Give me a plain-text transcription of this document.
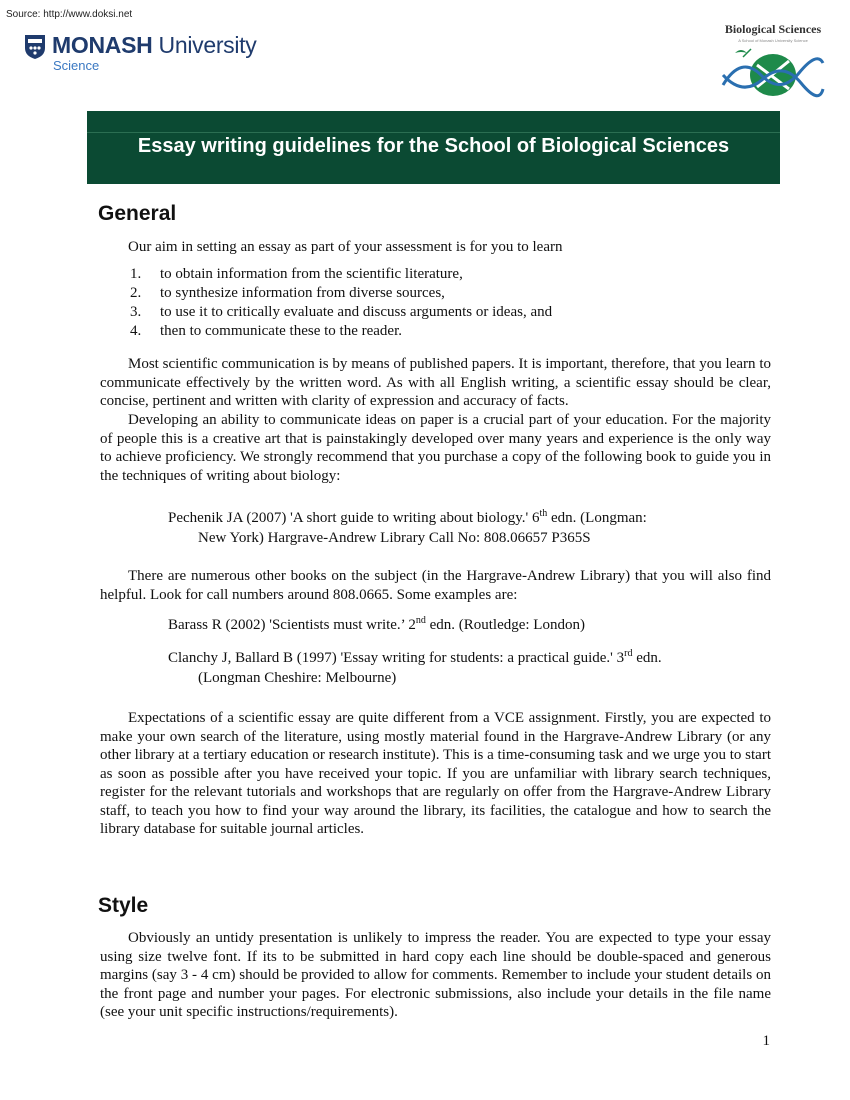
Source: http://www.doksi.net
MONASH University
Science
Biological Sciences
A School of Monash University Science
Essay writing guidelines for the School of Biological Sciences
General
Our aim in setting an essay as part of your assessment is for you to learn
1.	to obtain information from the scientific literature,
2.	to synthesize information from diverse sources,
3.	to use it to critically evaluate and discuss arguments or ideas, and
4.	then to communicate these to the reader.
Most scientific communication is by means of published papers. It is important, therefore, that you learn to communicate effectively by the written word. As with all English writing, a scientific essay should be clear, concise, pertinent and written with clarity of expression and accuracy of facts.
Developing an ability to communicate ideas on paper is a crucial part of your education. For the majority of people this is a creative art that is painstakingly developed over many years and experience is the only way to achieve proficiency. We strongly recommend that you purchase a copy of the following book to guide you in the techniques of writing about biology:
Pechenik JA (2007) 'A short guide to writing about biology.' 6th edn. (Longman:
New York) Hargrave-Andrew Library Call No: 808.06657 P365S
There are numerous other books on the subject (in the Hargrave-Andrew Library) that you will also find helpful. Look for call numbers around 808.0665. Some examples are:
Barass R (2002) 'Scientists must write.’ 2nd edn. (Routledge: London)
Clanchy J, Ballard B (1997) 'Essay writing for students: a practical guide.' 3rd edn.
(Longman Cheshire: Melbourne)
Expectations of a scientific essay are quite different from a VCE assignment. Firstly, you are expected to make your own search of the literature, using mostly material found in the Hargrave-Andrew Library (or any other library at a tertiary education or research institute). This is a time-consuming task and we urge you to start as soon as possible after you have received your topic. If you are unfamiliar with library search techniques, register for the relevant tutorials and workshops that are regularly on offer from the Hargrave-Andrew Library staff, to teach you how to find your way around the library, its facilities, the catalogue and how to search the library database for suitable journal articles.
Style
Obviously an untidy presentation is unlikely to impress the reader. You are expected to type your essay using size twelve font. If its to be submitted in hard copy each line should be double-spaced and generous margins (say 3 - 4 cm) should be provided to allow for comments. Remember to include your student details on the front page and number your pages. For electronic submissions, also include your details in the file name (see your unit specific instructions/requirements).
1
